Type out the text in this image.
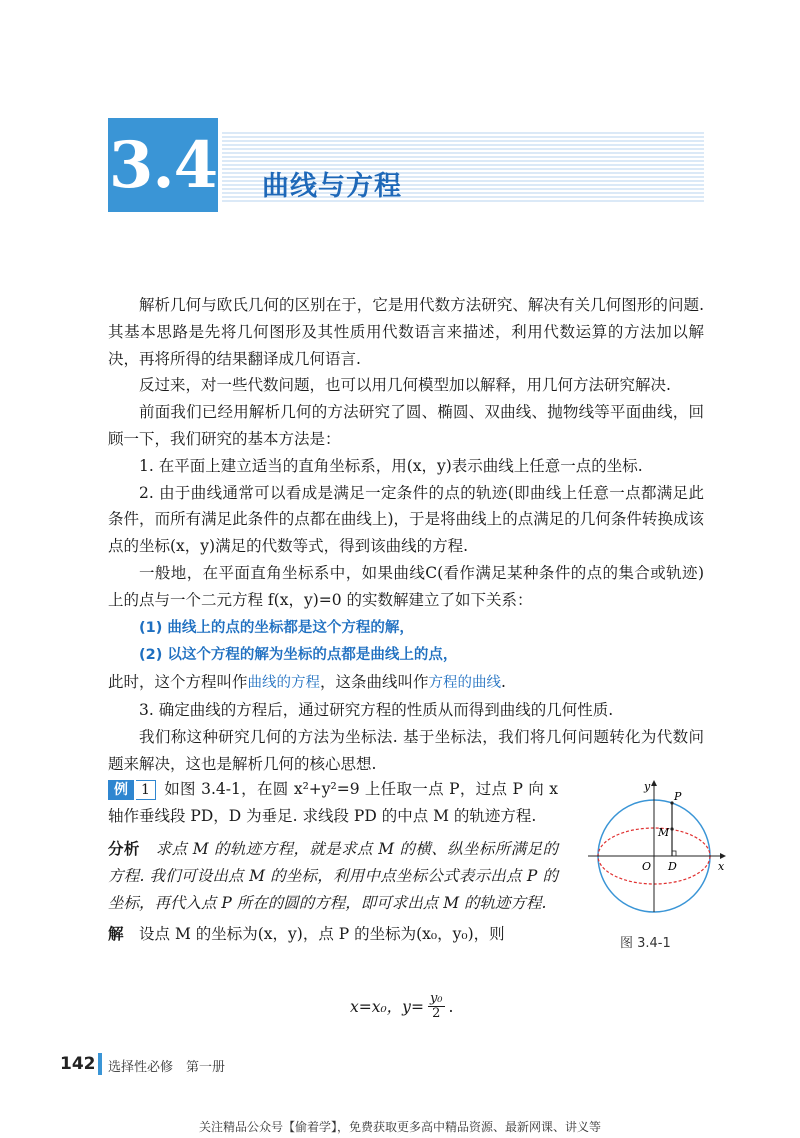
3.4 曲线与方程

解析几何与欧氏几何的区别在于，它是用代数方法研究、解决有关几何图形的问题. 其基本思路是先将几何图形及其性质用代数语言来描述，利用代数运算的方法加以解决，再将所得的结果翻译成几何语言.

反过来，对一些代数问题，也可以用几何模型加以解释，用几何方法研究解决.

前面我们已经用解析几何的方法研究了圆、椭圆、双曲线、抛物线等平面曲线，回顾一下，我们研究的基本方法是：

1. 在平面上建立适当的直角坐标系，用(x，y)表示曲线上任意一点的坐标.

2. 由于曲线通常可以看成是满足一定条件的点的轨迹(即曲线上任意一点都满足此条件，而所有满足此条件的点都在曲线上)，于是将曲线上的点满足的几何条件转换成该点的坐标(x，y)满足的代数等式，得到该曲线的方程.

一般地，在平面直角坐标系中，如果曲线C(看作满足某种条件的点的集合或轨迹)上的点与一个二元方程 f(x，y)=0 的实数解建立了如下关系：

(1) 曲线上的点的坐标都是这个方程的解，

(2) 以这个方程的解为坐标的点都是曲线上的点，

此时，这个方程叫作曲线的方程，这条曲线叫作方程的曲线.

3. 确定曲线的方程后，通过研究方程的性质从而得到曲线的几何性质.

我们称这种研究几何的方法为坐标法. 基于坐标法，我们将几何问题转化为代数问题来解决，这也是解析几何的核心思想.

例 1 如图 3.4-1，在圆 x²+y²=9 上任取一点 P，过点 P 向 x 轴作垂线段 PD，D 为垂足. 求线段 PD 的中点 M 的轨迹方程.

分析　 求点 M 的轨迹方程，就是求点 M 的横、纵坐标所满足的方程. 我们可设出点 M 的坐标，利用中点坐标公式表示出点 P 的坐标，再代入点 P 所在的圆的方程，即可求出点 M 的轨迹方程.

解　 设点 M 的坐标为(x，y)，点 P 的坐标为(x₀，y₀)，则

x=x₀，$y= \frac{\text{y₀}}{2}$ .
y
x
P
M
O D
图 3.4-1
142 选择性必修　第一册
关注精品公众号【偷着学】，免费获取更多高中精品资源、最新网课、讲义等
